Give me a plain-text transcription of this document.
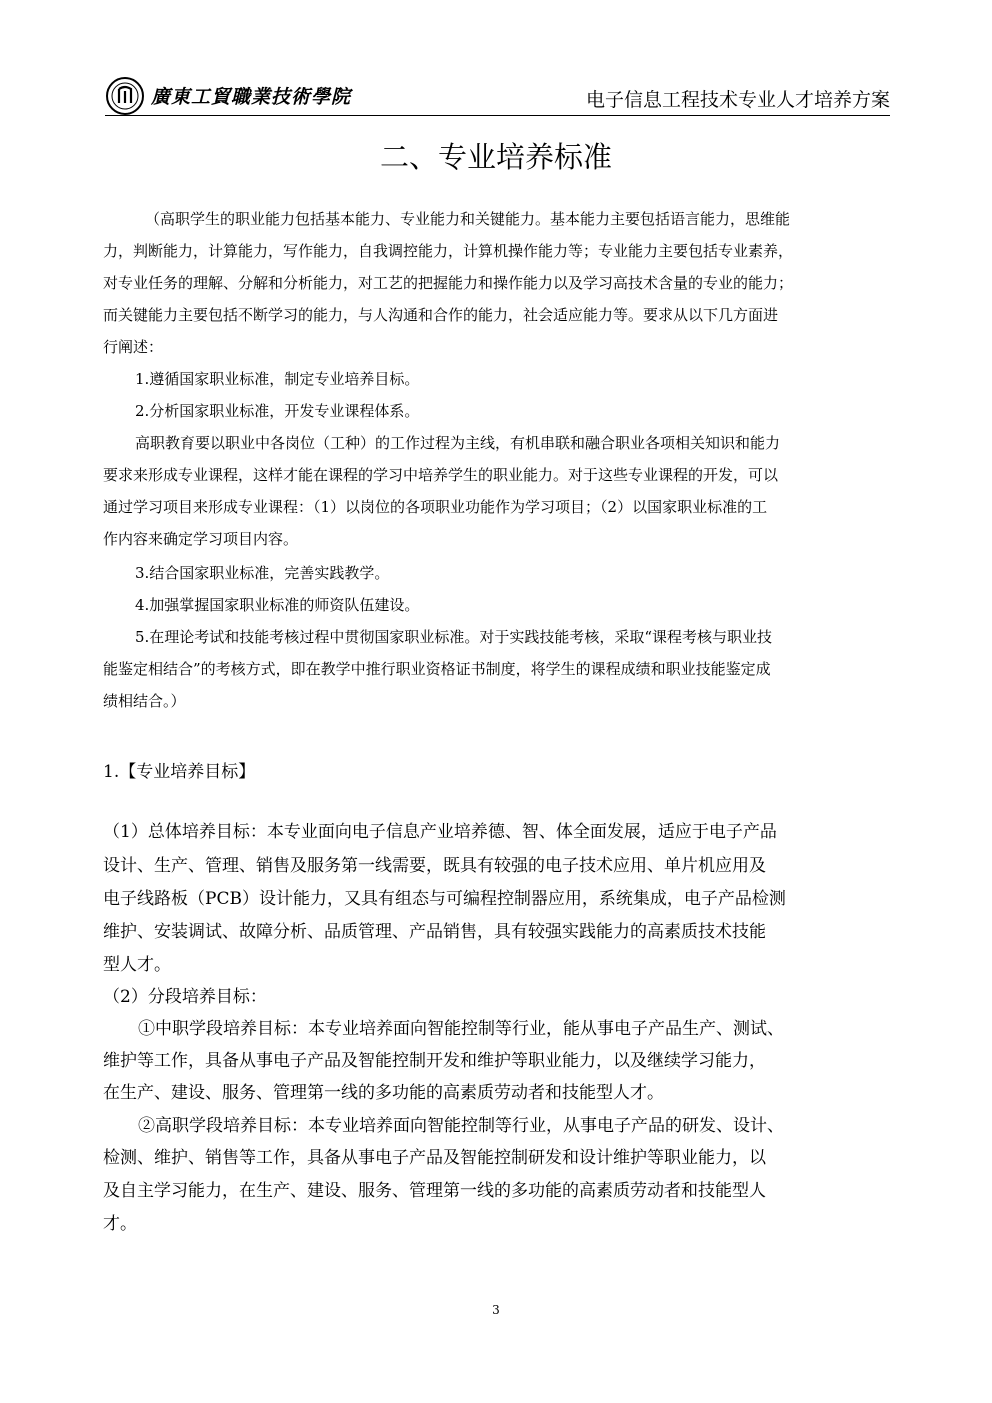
廣東工貿職業技術學院	电子信息工程技术专业人才培养方案
二、专业培养标准
（高职学生的职业能力包括基本能力、专业能力和关键能力。基本能力主要包括语言能力，思维能
力，判断能力，计算能力，写作能力，自我调控能力，计算机操作能力等；专业能力主要包括专业素养，
对专业任务的理解、分解和分析能力，对工艺的把握能力和操作能力以及学习高技术含量的专业的能力；
而关键能力主要包括不断学习的能力，与人沟通和合作的能力，社会适应能力等。要求从以下几方面进
行阐述：
1.遵循国家职业标准，制定专业培养目标。
2.分析国家职业标准，开发专业课程体系。
高职教育要以职业中各岗位（工种）的工作过程为主线，有机串联和融合职业各项相关知识和能力
要求来形成专业课程，这样才能在课程的学习中培养学生的职业能力。对于这些专业课程的开发，可以
通过学习项目来形成专业课程：（1）以岗位的各项职业功能作为学习项目；（2）以国家职业标准的工
作内容来确定学习项目内容。
3.结合国家职业标准，完善实践教学。
4.加强掌握国家职业标准的师资队伍建设。
5.在理论考试和技能考核过程中贯彻国家职业标准。对于实践技能考核，采取“课程考核与职业技
能鉴定相结合”的考核方式，即在教学中推行职业资格证书制度，将学生的课程成绩和职业技能鉴定成
绩相结合。）
1.【专业培养目标】
（1）总体培养目标：本专业面向电子信息产业培养德、智、体全面发展，适应于电子产品
设计、生产、管理、销售及服务第一线需要，既具有较强的电子技术应用、单片机应用及
电子线路板（PCB）设计能力，又具有组态与可编程控制器应用，系统集成，电子产品检测
维护、安装调试、故障分析、品质管理、产品销售，具有较强实践能力的高素质技术技能
型人才。
（2）分段培养目标：
①中职学段培养目标：本专业培养面向智能控制等行业，能从事电子产品生产、测试、
维护等工作，具备从事电子产品及智能控制开发和维护等职业能力，以及继续学习能力，
在生产、建设、服务、管理第一线的多功能的高素质劳动者和技能型人才。
②高职学段培养目标：本专业培养面向智能控制等行业，从事电子产品的研发、设计、
检测、维护、销售等工作，具备从事电子产品及智能控制研发和设计维护等职业能力，以
及自主学习能力，在生产、建设、服务、管理第一线的多功能的高素质劳动者和技能型人
才。
3
